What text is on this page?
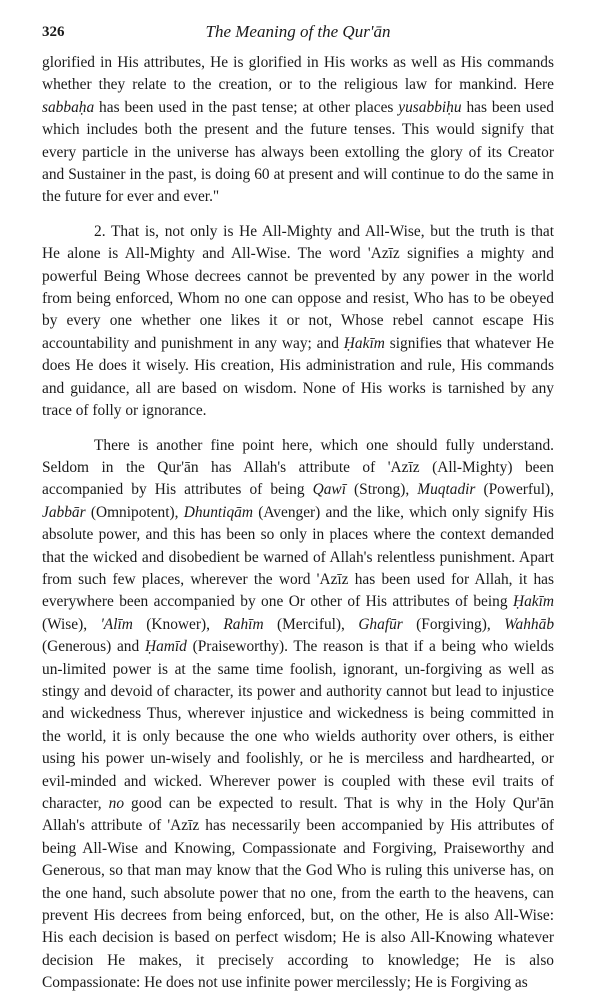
326	The Meaning of the Qur'ān
glorified in His attributes, He is glorified in His works as well as His commands
whether they relate to the creation, or to the religious law for mankind. Here
sabbaḥa has been used in the past tense; at other places yusabbiḥu has been used
which includes both the present and the future tenses. This would signify that
every particle in the universe has always been extolling the glory of its Creator
and Sustainer in the past, is doing 60 at present and will continue to do the same in
the future for ever and ever."
2. That is, not only is He All-Mighty and All-Wise, but the truth is that
He alone is All-Mighty and All-Wise. The word 'Azīz signifies a mighty and
powerful Being Whose decrees cannot be prevented by any power in the world
from being enforced, Whom no one can oppose and resist, Who has to be obeyed
by every one whether one likes it or not, Whose rebel cannot escape His
accountability and punishment in any way; and Ḥakīm signifies that whatever He
does He does it wisely. His creation, His administration and rule, His commands
and guidance, all are based on wisdom. None of His works is tarnished by any
trace of folly or ignorance.
There is another fine point here, which one should fully understand.
Seldom in the Qur'ān has Allah's attribute of 'Azīz (All-Mighty) been
accompanied by His attributes of being Qawī (Strong), Muqtadir (Powerful),
Jabbār (Omnipotent), Dhuntiqām (Avenger) and the like, which only signify His
absolute power, and this has been so only in places where the context demanded
that the wicked and disobedient be warned of Allah's relentless punishment. Apart
from such few places, wherever the word 'Azīz has been used for Allah, it has
everywhere been accompanied by one Or other of His attributes of being Ḥakīm
(Wise), 'Alīm (Knower), Rahīm (Merciful), Ghafūr (Forgiving), Wahhāb
(Generous) and Ḥamīd (Praiseworthy). The reason is that if a being who wields
un-limited power is at the same time foolish, ignorant, un-forgiving as well as
stingy and devoid of character, its power and authority cannot but lead to injustice
and wickedness Thus, wherever injustice and wickedness is being committed in
the world, it is only because the one who wields authority over others, is either
using his power un-wisely and foolishly, or he is merciless and hardhearted, or
evil-minded and wicked. Wherever power is coupled with these evil traits of
character, no good can be expected to result. That is why in the Holy Qur'ān
Allah's attribute of 'Azīz has necessarily been accompanied by His attributes of
being All-Wise and Knowing, Compassionate and Forgiving, Praiseworthy and
Generous, so that man may know that the God Who is ruling this universe has, on
the one hand, such absolute power that no one, from the earth to the heavens, can
prevent His decrees from being enforced, but, on the other, He is also All-Wise:
His each decision is based on perfect wisdom; He is also All-Knowing whatever
decision He makes, it precisely according to knowledge; He is also
Compassionate: He does not use infinite power mercilessly; He is Forgiving as
